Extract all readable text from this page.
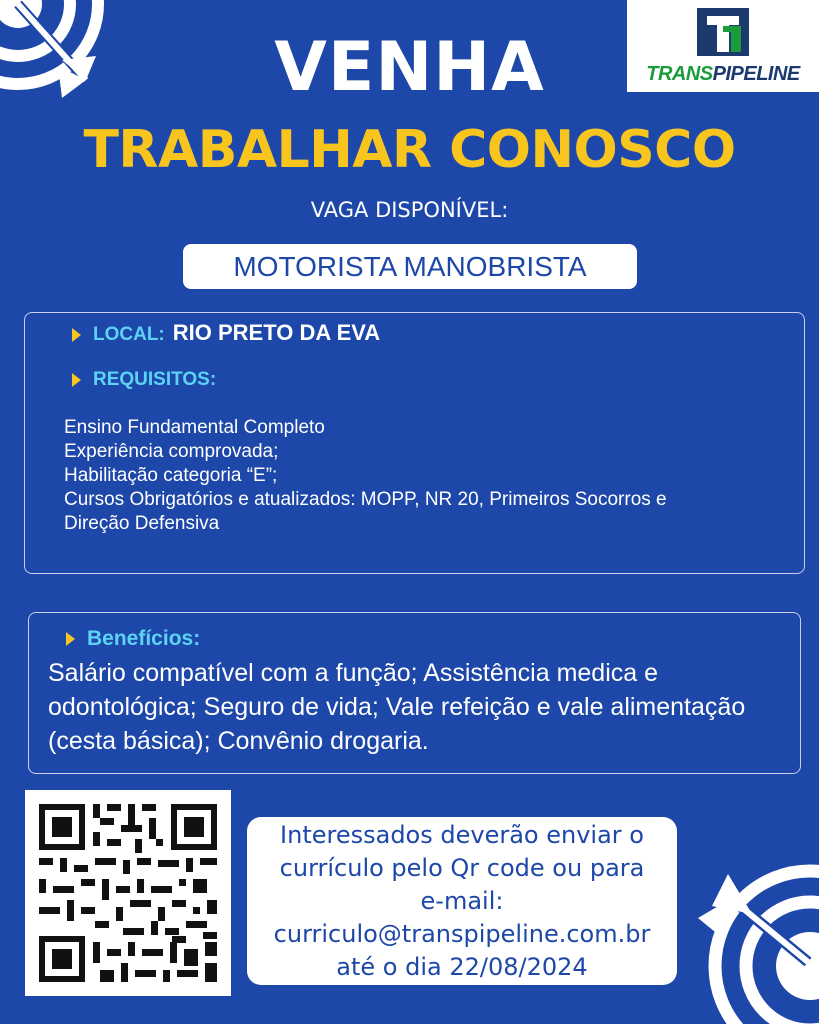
TRANSPIPELINE
VENHA
TRABALHAR CONOSCO
VAGA DISPONÍVEL:
MOTORISTA MANOBRISTA
LOCAL: RIO PRETO DA EVA
REQUISITOS:
Ensino Fundamental Completo
Experiência comprovada;
Habilitação categoria “E”;
Cursos Obrigatórios e atualizados: MOPP, NR 20, Primeiros Socorros e
Direção Defensiva
Benefícios:
Salário compatível com a função; Assistência medica e odontológica; Seguro de vida; Vale refeição e vale alimentação (cesta básica); Convênio drogaria.
Interessados deverão enviar o
currículo pelo Qr code ou para
e-mail:
curriculo@transpipeline.com.br
até o dia 22/08/2024
